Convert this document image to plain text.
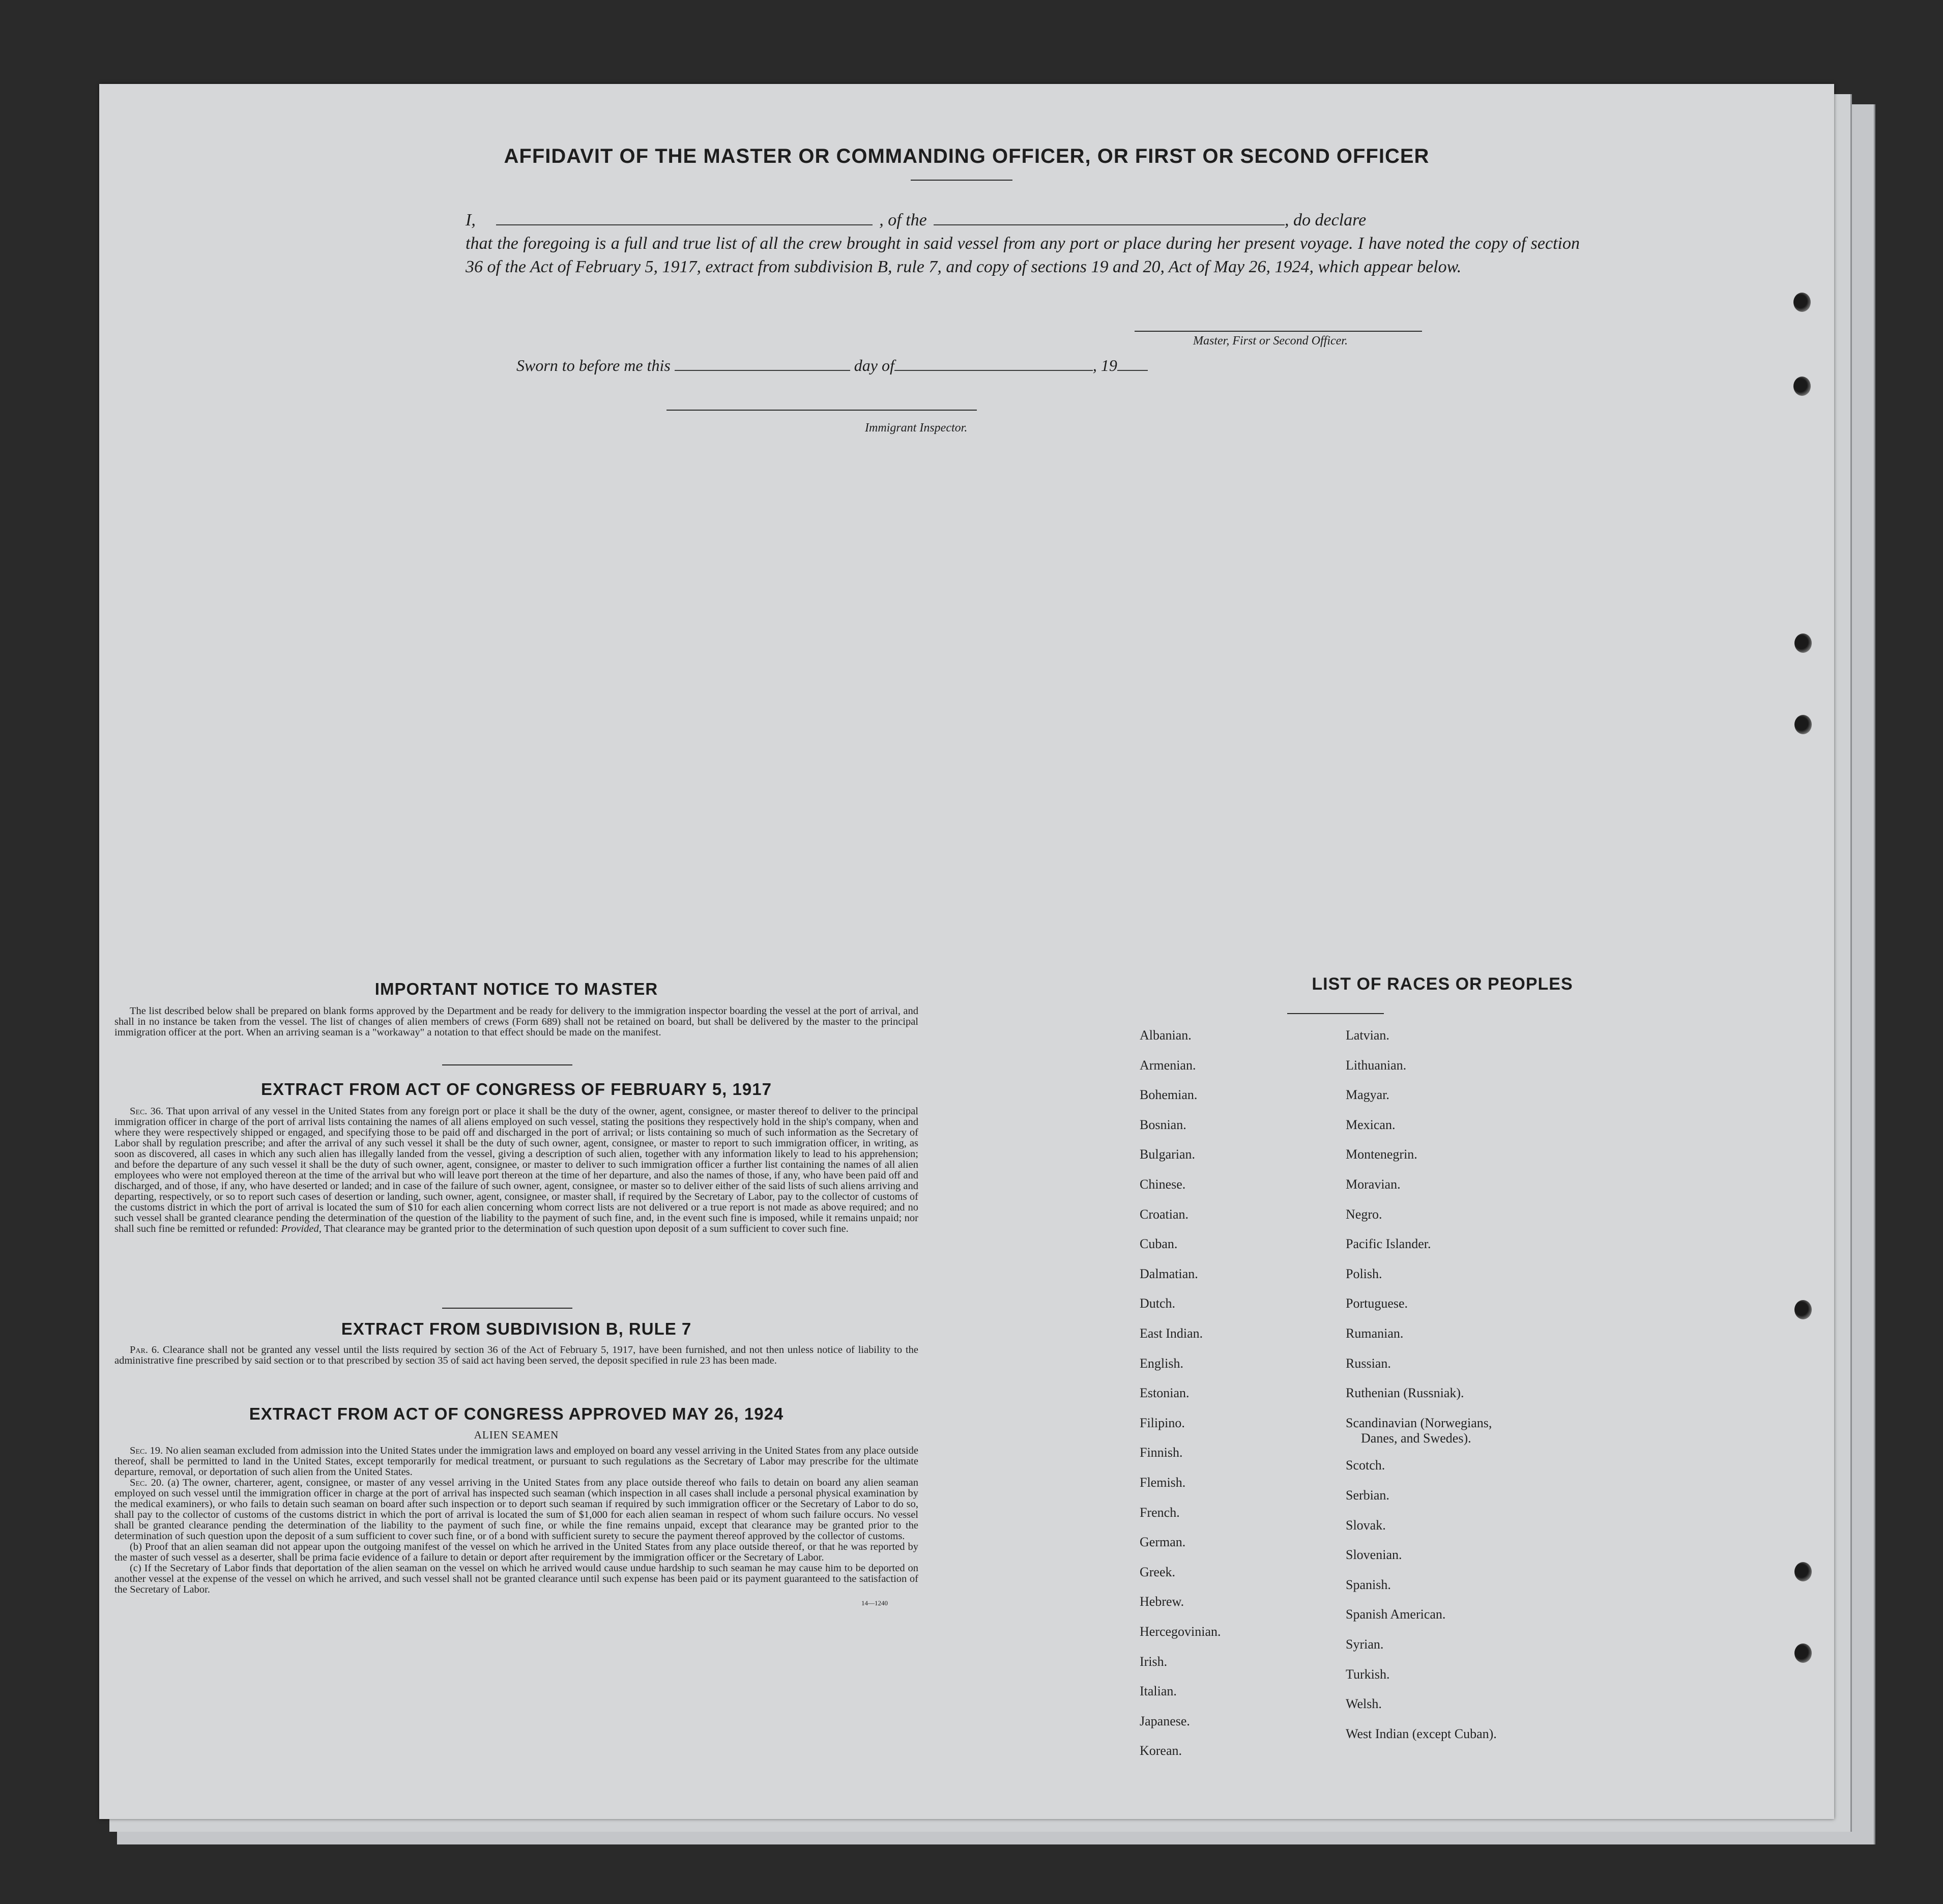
AFFIDAVIT OF THE MASTER OR COMMANDING OFFICER, OR FIRST OR SECOND OFFICER
I,	, of the	, do declare
that the foregoing is a full and true list of all the crew brought in said vessel from any port or place during her present voyage. I have noted the copy of section 36 of the Act of February 5, 1917, extract from subdivision B, rule 7, and copy of sections 19 and 20, Act of May 26, 1924, which appear below.
Master, First or Second Officer.
Sworn to before me this	day of	, 19
Immigrant Inspector.
IMPORTANT NOTICE TO MASTER

The list described below shall be prepared on blank forms approved by the Department and be ready for delivery to the immigration inspector boarding the vessel at the port of arrival, and shall in no instance be taken from the vessel. The list of changes of alien members of crews (Form 689) shall not be retained on board, but shall be delivered by the master to the principal immigration officer at the port. When an arriving seaman is a "workaway" a notation to that effect should be made on the manifest.

EXTRACT FROM ACT OF CONGRESS OF FEBRUARY 5, 1917

Sec. 36. That upon arrival of any vessel in the United States from any foreign port or place it shall be the duty of the owner, agent, consignee, or master thereof to deliver to the principal immigration officer in charge of the port of arrival lists containing the names of all aliens employed on such vessel, stating the positions they respectively hold in the ship's company, when and where they were respectively shipped or engaged, and specifying those to be paid off and discharged in the port of arrival; or lists containing so much of such information as the Secretary of Labor shall by regulation prescribe; and after the arrival of any such vessel it shall be the duty of such owner, agent, consignee, or master to report to such immigration officer, in writing, as soon as discovered, all cases in which any such alien has illegally landed from the vessel, giving a description of such alien, together with any information likely to lead to his apprehension; and before the departure of any such vessel it shall be the duty of such owner, agent, consignee, or master to deliver to such immigration officer a further list containing the names of all alien employees who were not employed thereon at the time of the arrival but who will leave port thereon at the time of her departure, and also the names of those, if any, who have been paid off and discharged, and of those, if any, who have deserted or landed; and in case of the failure of such owner, agent, consignee, or master so to deliver either of the said lists of such aliens arriving and departing, respectively, or so to report such cases of desertion or landing, such owner, agent, consignee, or master shall, if required by the Secretary of Labor, pay to the collector of customs of the customs district in which the port of arrival is located the sum of $10 for each alien concerning whom correct lists are not delivered or a true report is not made as above required; and no such vessel shall be granted clearance pending the determination of the question of the liability to the payment of such fine, and, in the event such fine is imposed, while it remains unpaid; nor shall such fine be remitted or refunded: Provided, That clearance may be granted prior to the determination of such question upon deposit of a sum sufficient to cover such fine.

EXTRACT FROM SUBDIVISION B, RULE 7

Par. 6. Clearance shall not be granted any vessel until the lists required by section 36 of the Act of February 5, 1917, have been furnished, and not then unless notice of liability to the administrative fine prescribed by said section or to that prescribed by section 35 of said act having been served, the deposit specified in rule 23 has been made.

EXTRACT FROM ACT OF CONGRESS APPROVED MAY 26, 1924
ALIEN SEAMEN

Sec. 19. No alien seaman excluded from admission into the United States under the immigration laws and employed on board any vessel arriving in the United States from any place outside thereof, shall be permitted to land in the United States, except temporarily for medical treatment, or pursuant to such regulations as the Secretary of Labor may prescribe for the ultimate departure, removal, or deportation of such alien from the United States.

Sec. 20. (a) The owner, charterer, agent, consignee, or master of any vessel arriving in the United States from any place outside thereof who fails to detain on board any alien seaman employed on such vessel until the immigration officer in charge at the port of arrival has inspected such seaman (which inspection in all cases shall include a personal physical examination by the medical examiners), or who fails to detain such seaman on board after such inspection or to deport such seaman if required by such immigration officer or the Secretary of Labor to do so, shall pay to the collector of customs of the customs district in which the port of arrival is located the sum of $1,000 for each alien seaman in respect of whom such failure occurs. No vessel shall be granted clearance pending the determination of the liability to the payment of such fine, or while the fine remains unpaid, except that clearance may be granted prior to the determination of such question upon the deposit of a sum sufficient to cover such fine, or of a bond with sufficient surety to secure the payment thereof approved by the collector of customs.

(b) Proof that an alien seaman did not appear upon the outgoing manifest of the vessel on which he arrived in the United States from any place outside thereof, or that he was reported by the master of such vessel as a deserter, shall be prima facie evidence of a failure to detain or deport after requirement by the immigration officer or the Secretary of Labor.

(c) If the Secretary of Labor finds that deportation of the alien seaman on the vessel on which he arrived would cause undue hardship to such seaman he may cause him to be deported on another vessel at the expense of the vessel on which he arrived, and such vessel shall not be granted clearance until such expense has been paid or its payment guaranteed to the satisfaction of the Secretary of Labor.

14—1240
LIST OF RACES OR PEOPLES
Albanian.
Armenian.
Bohemian.
Bosnian.
Bulgarian.
Chinese.
Croatian.
Cuban.
Dalmatian.
Dutch.
East Indian.
English.
Estonian.
Filipino.
Finnish.
Flemish.
French.
German.
Greek.
Hebrew.
Hercegovinian.
Irish.
Italian.
Japanese.
Korean.
Latvian.
Lithuanian.
Magyar.
Mexican.
Montenegrin.
Moravian.
Negro.
Pacific Islander.
Polish.
Portuguese.
Rumanian.
Russian.
Ruthenian (Russniak).
Scandinavian (Norwegians,
Danes, and Swedes).
Scotch.
Serbian.
Slovak.
Slovenian.
Spanish.
Spanish American.
Syrian.
Turkish.
Welsh.
West Indian (except Cuban).
